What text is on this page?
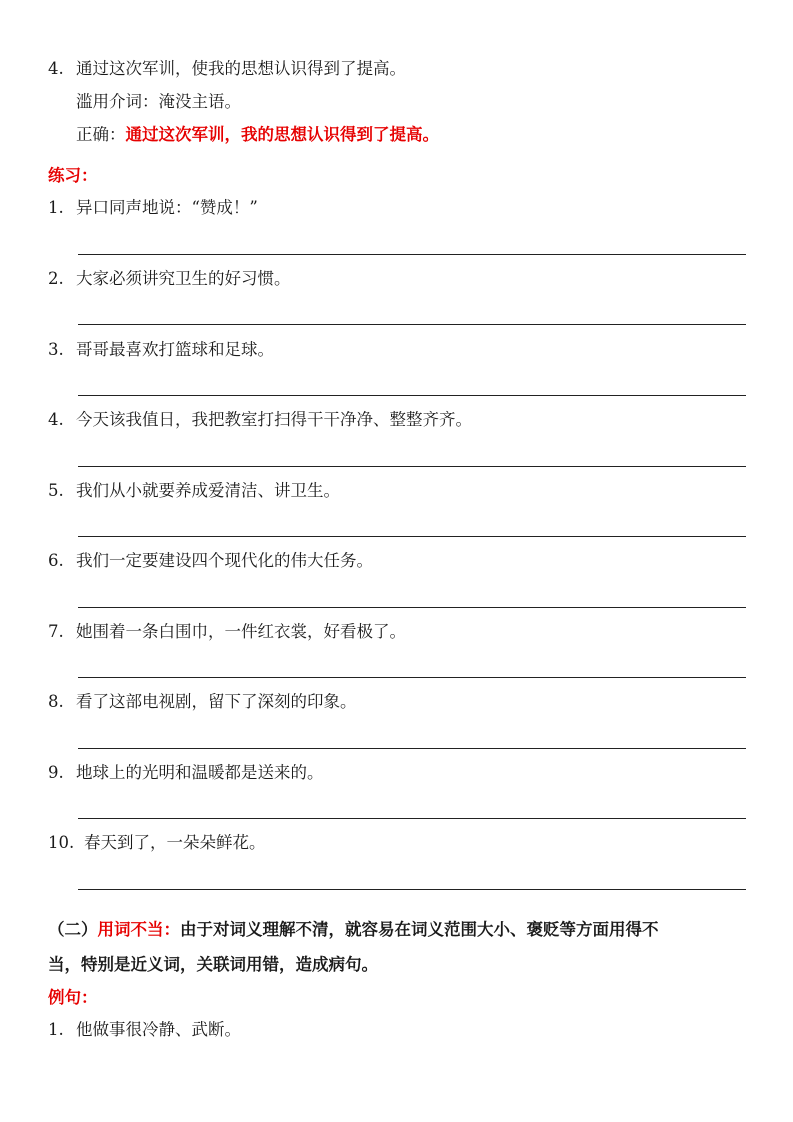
4. 通过这次军训，使我的思想认识得到了提高。
滥用介词：淹没主语。
正确：通过这次军训，我的思想认识得到了提高。
练习：
1. 异口同声地说：“赞成！”
2. 大家必须讲究卫生的好习惯。
3. 哥哥最喜欢打篮球和足球。
4. 今天该我值日，我把教室打扫得干干净净、整整齐齐。
5. 我们从小就要养成爱清洁、讲卫生。
6. 我们一定要建设四个现代化的伟大任务。
7. 她围着一条白围巾，一件红衣裳，好看极了。
8. 看了这部电视剧，留下了深刻的印象。
9. 地球上的光明和温暖都是送来的。
10. 春天到了，一朵朵鲜花。
（二）用词不当：由于对词义理解不清，就容易在词义范围大小、褒贬等方面用得不
当，特别是近义词，关联词用错，造成病句。
例句：
1. 他做事很冷静、武断。
